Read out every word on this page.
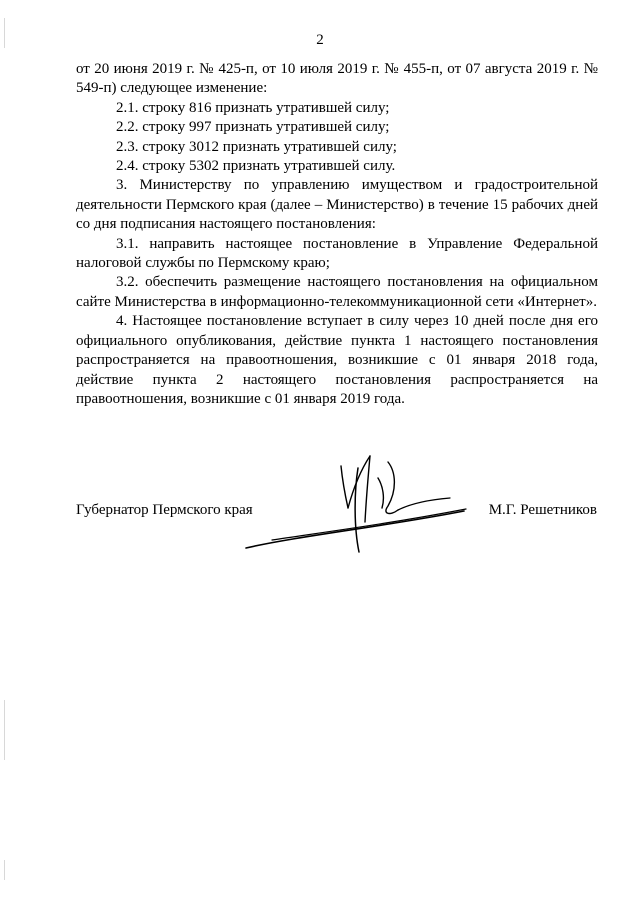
2

от 20 июня 2019 г. № 425-п, от 10 июля 2019 г. № 455-п, от 07 августа 2019 г. № 549-п) следующее изменение:

2.1. строку 816 признать утратившей силу;

2.2. строку 997 признать утратившей силу;

2.3. строку 3012 признать утратившей силу;

2.4. строку 5302 признать утратившей силу.

3. Министерству по управлению имуществом и градостроительной деятельности Пермского края (далее – Министерство) в течение 15 рабочих дней со дня подписания настоящего постановления:

3.1. направить настоящее постановление в Управление Федеральной налоговой службы по Пермскому краю;

3.2. обеспечить размещение настоящего постановления на официальном сайте Министерства в информационно-телекоммуникационной сети «Интернет».

4. Настоящее постановление вступает в силу через 10 дней после дня его официального опубликования, действие пункта 1 настоящего постановления распространяется на правоотношения, возникшие с 01 января 2018 года, действие пункта 2 настоящего постановления распространяется на правоотношения, возникшие с 01 января 2019 года.

Губернатор Пермского края	М.Г. Решетников
